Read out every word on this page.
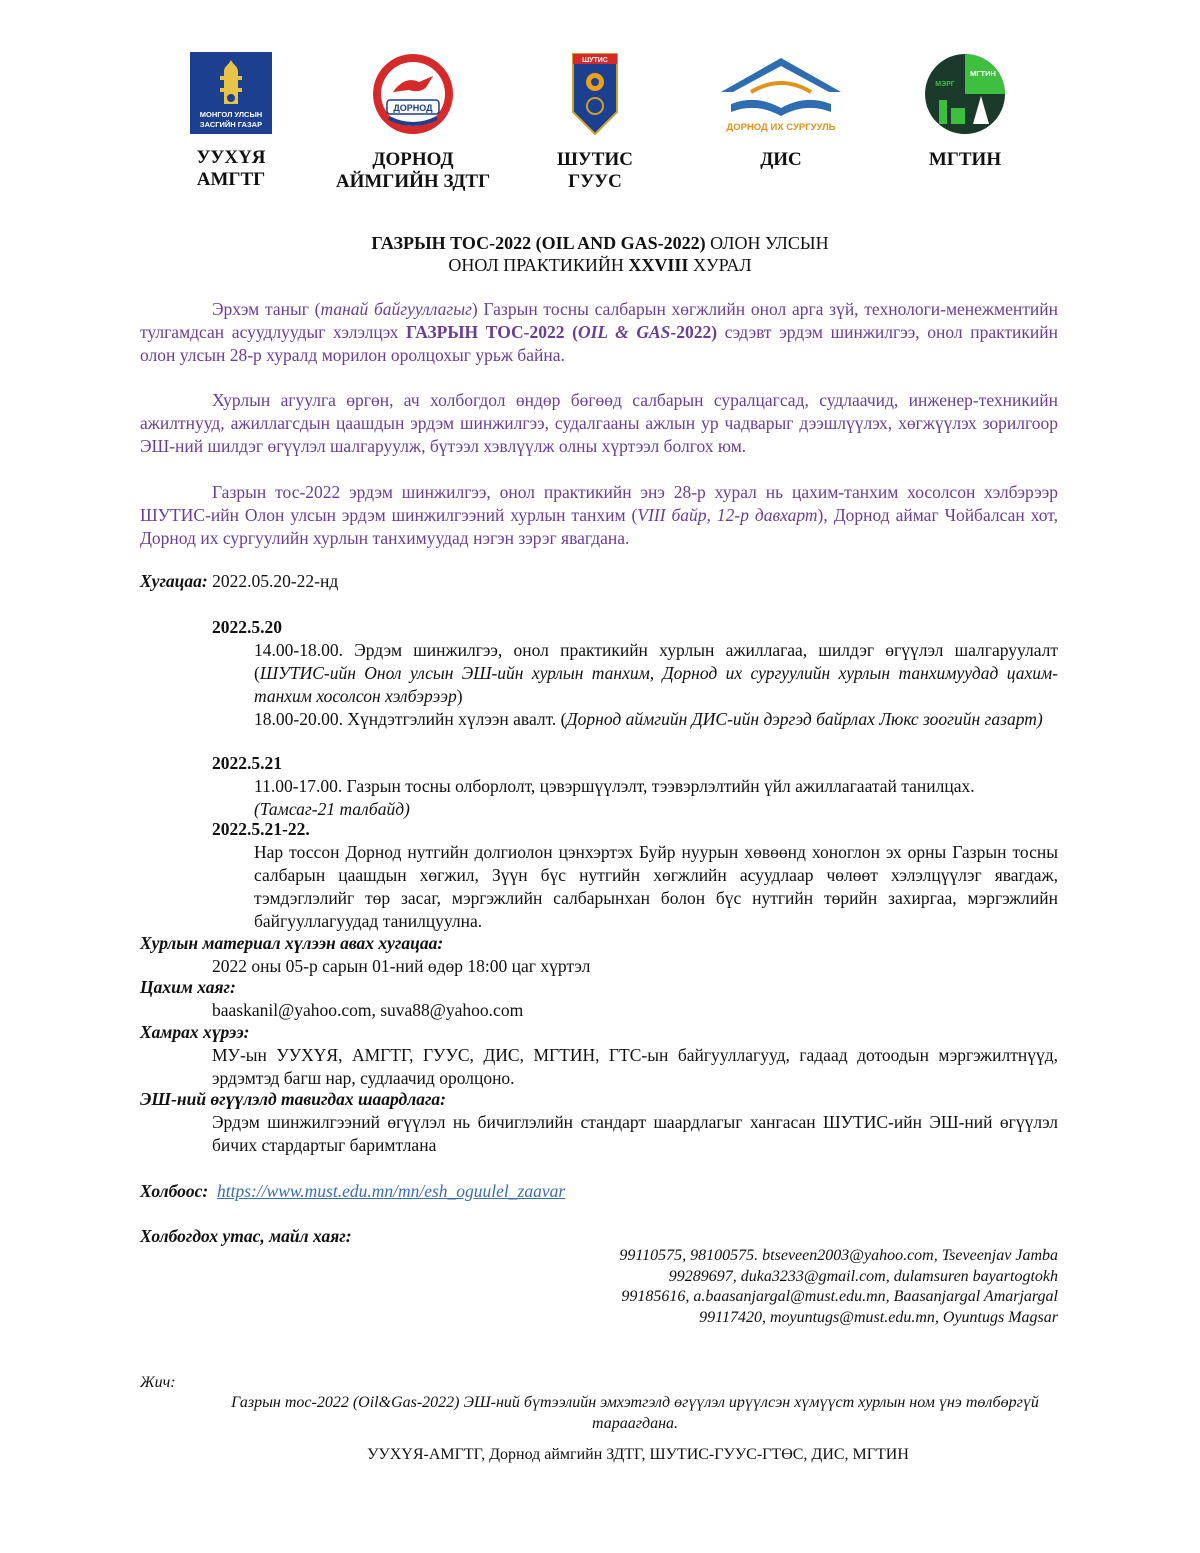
МОНГОЛ УЛСЫН
ЗАСГИЙН ГАЗАР
УУХҮЯ
АМГТГ
ДОРНОД
ДОРНОД
АЙМГИЙН ЗДТГ
ШУТИС
ШУТИС
ГУУС
ДОРНОД ИХ СУРГУУЛЬ
ДИС
МГТИН
МЭРГ
МГТИН
ГАЗРЫН ТОС-2022 (OIL AND GAS-2022) ОЛОН УЛСЫН
ОНОЛ ПРАКТИКИЙН XXVIII ХУРАЛ
Эрхэм таныг (танай байгууллагыг) Газрын тосны салбарын хөгжлийн онол арга зүй, технологи-менежментийн тулгамдсан асуудлуудыг хэлэлцэх ГАЗРЫН ТОС-2022 (OIL & GAS-2022) сэдэвт эрдэм шинжилгээ, онол практикийн олон улсын 28-р хуралд морилон оролцохыг урьж байна.
Хурлын агуулга өргөн, ач холбогдол өндөр бөгөөд салбарын суралцагсад, судлаачид, инженер-техникийн ажилтнууд, ажиллагсдын цаашдын эрдэм шинжилгээ, судалгааны ажлын ур чадварыг дээшлүүлэх, хөгжүүлэх зорилгоор ЭШ-ний шилдэг өгүүлэл шалгаруулж, бүтээл хэвлүүлж олны хүртээл болгох юм.
Газрын тос-2022 эрдэм шинжилгээ, онол практикийн энэ 28-р хурал нь цахим-танхим хосолсон хэлбэрээр ШУТИС-ийн Олон улсын эрдэм шинжилгээний хурлын танхим (VIII байр, 12-р давхарт), Дорнод аймаг Чойбалсан хот, Дорнод их сургуулийн хурлын танхимуудад нэгэн зэрэг явагдана.
Хугацаа: 2022.05.20-22-нд
2022.5.20
14.00-18.00. Эрдэм шинжилгээ, онол практикийн хурлын ажиллагаа, шилдэг өгүүлэл шалгаруулалт (ШУТИС-ийн Онол улсын ЭШ-ийн хурлын танхим, Дорнод их сургуулийн хурлын танхимуудад цахим-танхим хосолсон хэлбэрээр)
18.00-20.00. Хүндэтгэлийн хүлээн авалт. (Дорнод аймгийн ДИС-ийн дэргэд байрлах Люкс зоогийн газарт)
2022.5.21
11.00-17.00. Газрын тосны олборлолт, цэвэршүүлэлт, тээвэрлэлтийн үйл ажиллагаатай танилцах.
(Тамсаг-21 талбайд)
2022.5.21-22.
Нар тоссон Дорнод нутгийн долгиолон цэнхэртэх Буйр нуурын хөвөөнд хоноглон эх орны Газрын тосны салбарын цаашдын хөгжил, Зүүн бүс нутгийн хөгжлийн асуудлаар чөлөөт хэлэлцүүлэг явагдаж, тэмдэглэлийг төр засаг, мэргэжлийн салбарынхан болон бүс нутгийн төрийн захиргаа, мэргэжлийн байгууллагуудад танилцуулна.
Хурлын материал хүлээн авах хугацаа:
2022 оны 05-р сарын 01-ний өдөр 18:00 цаг хүртэл
Цахим хаяг:
baaskanil@yahoo.com, suva88@yahoo.com
Хамрах хүрээ:
МУ-ын УУХҮЯ, АМГТГ, ГУУС, ДИС, МГТИН, ГТС-ын байгууллагууд, гадаад дотоодын мэргэжилтнүүд, эрдэмтэд багш нар, судлаачид оролцоно.
ЭШ-ний өгүүлэлд тавигдах шаардлага:
Эрдэм шинжилгээний өгүүлэл нь бичиглэлийн стандарт шаардлагыг хангасан ШУТИС-ийн ЭШ-ний өгүүлэл бичих стардартыг баримтлана
Холбоос: https://www.must.edu.mn/mn/esh_oguulel_zaavar
Холбогдох утас, майл хаяг:
99110575, 98100575. btseveen2003@yahoo.com, Tseveenjav Jamba
99289697, duka3233@gmail.com, dulamsuren bayartogtokh
99185616, a.baasanjargal@must.edu.mn, Baasanjargal Amarjargal
99117420, moyuntugs@must.edu.mn, Oyuntugs Magsar
Жич:
Газрын тос-2022 (Oil&Gas-2022) ЭШ-ний бүтээлийн эмхэтгэлд өгүүлэл ирүүлсэн хүмүүст хурлын ном үнэ төлбөргүй тараагдана.
УУХҮЯ-АМГТГ, Дорнод аймгийн ЗДТГ, ШУТИС-ГУУС-ГТӨС, ДИС, МГТИН
